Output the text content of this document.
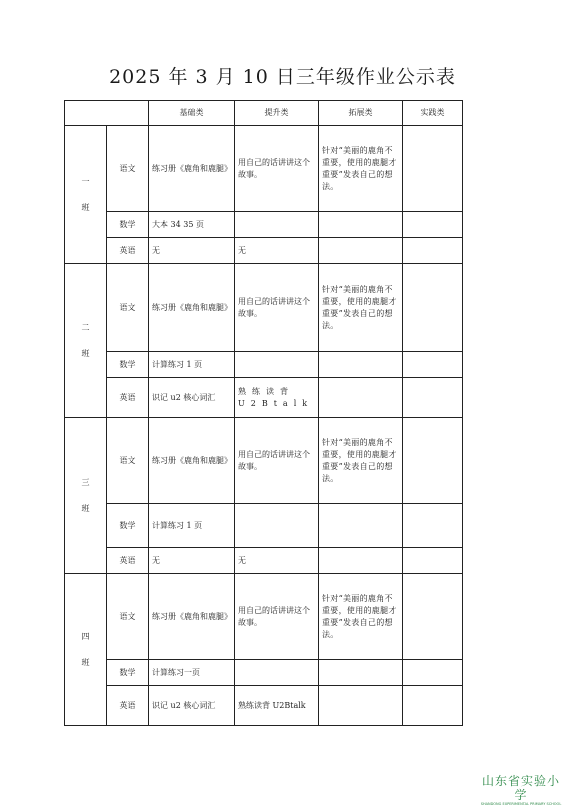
2025 年 3 月 10 日三年级作业公示表
		基础类	提升类	拓展类	实践类

一
班	语文	练习册《鹿角和鹿腿》	用自己的话讲讲这个故事。	针对“美丽的鹿角不重要，使用的鹿腿才重要”发表自己的想法。	
	数学	大本 34 35 页			
	英语	无	无		

二
班	语文	练习册《鹿角和鹿腿》	用自己的话讲讲这个故事。	针对“美丽的鹿角不重要，使用的鹿腿才重要”发表自己的想法。	
	数学	计算练习 1 页			
	英语	识记 u2 核心词汇	熟练读背 U2Btalk		

三
班	语文	练习册《鹿角和鹿腿》	用自己的话讲讲这个故事。	针对“美丽的鹿角不重要，使用的鹿腿才重要”发表自己的想法。	
	数学	计算练习 1 页			
	英语	无	无		

四
班	语文	练习册《鹿角和鹿腿》	用自己的话讲讲这个故事。	针对“美丽的鹿角不重要，使用的鹿腿才重要”发表自己的想法。	
	数学	计算练习一页			
	英语	识记 u2 核心词汇	熟练读背 U2Btalk		
山东省实验小学
SHANDONG EXPERIMENTAL PRIMARY SCHOOL
